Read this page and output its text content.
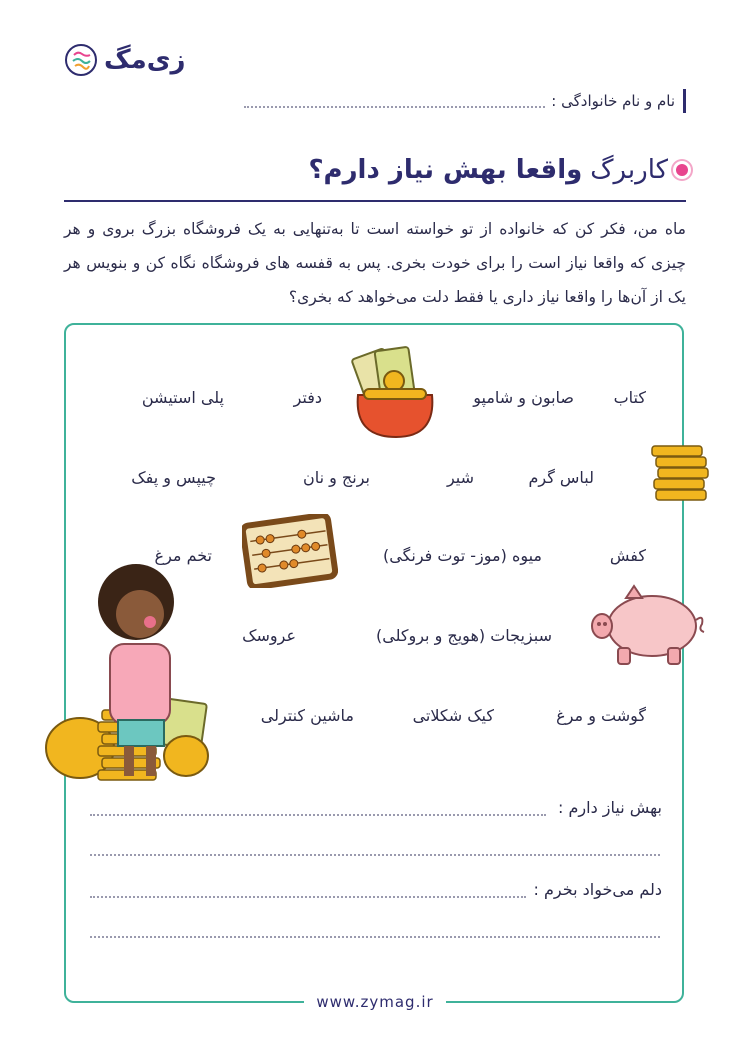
زی‌مگ
نام و نام خانوادگی :
کاربرگ
واقعا بهش نیاز دارم؟
ماه من، فکر کن که خانواده از تو خواسته است تا به‌تنهایی به یک فروشگاه بزرگ بروی و هر چیزی که واقعا نیاز است را برای خودت بخری. پس به قفسه های فروشگاه نگاه کن و بنویس هر یک از آن‌ها را واقعا نیاز داری یا فقط دلت می‌خواهد که بخری؟
کتاب
صابون و شامپو
دفتر
پلی استیشن
لباس گرم
شیر
برنج و نان
چیپس و پفک
کفش
میوه (موز- توت فرنگی)
تخم مرغ
سبزیجات (هویج و بروکلی)
عروسک
گوشت و مرغ
کیک شکلاتی
ماشین کنترلی
بهش نیاز دارم :
دلم می‌خواد بخرم :
www.zymag.ir
